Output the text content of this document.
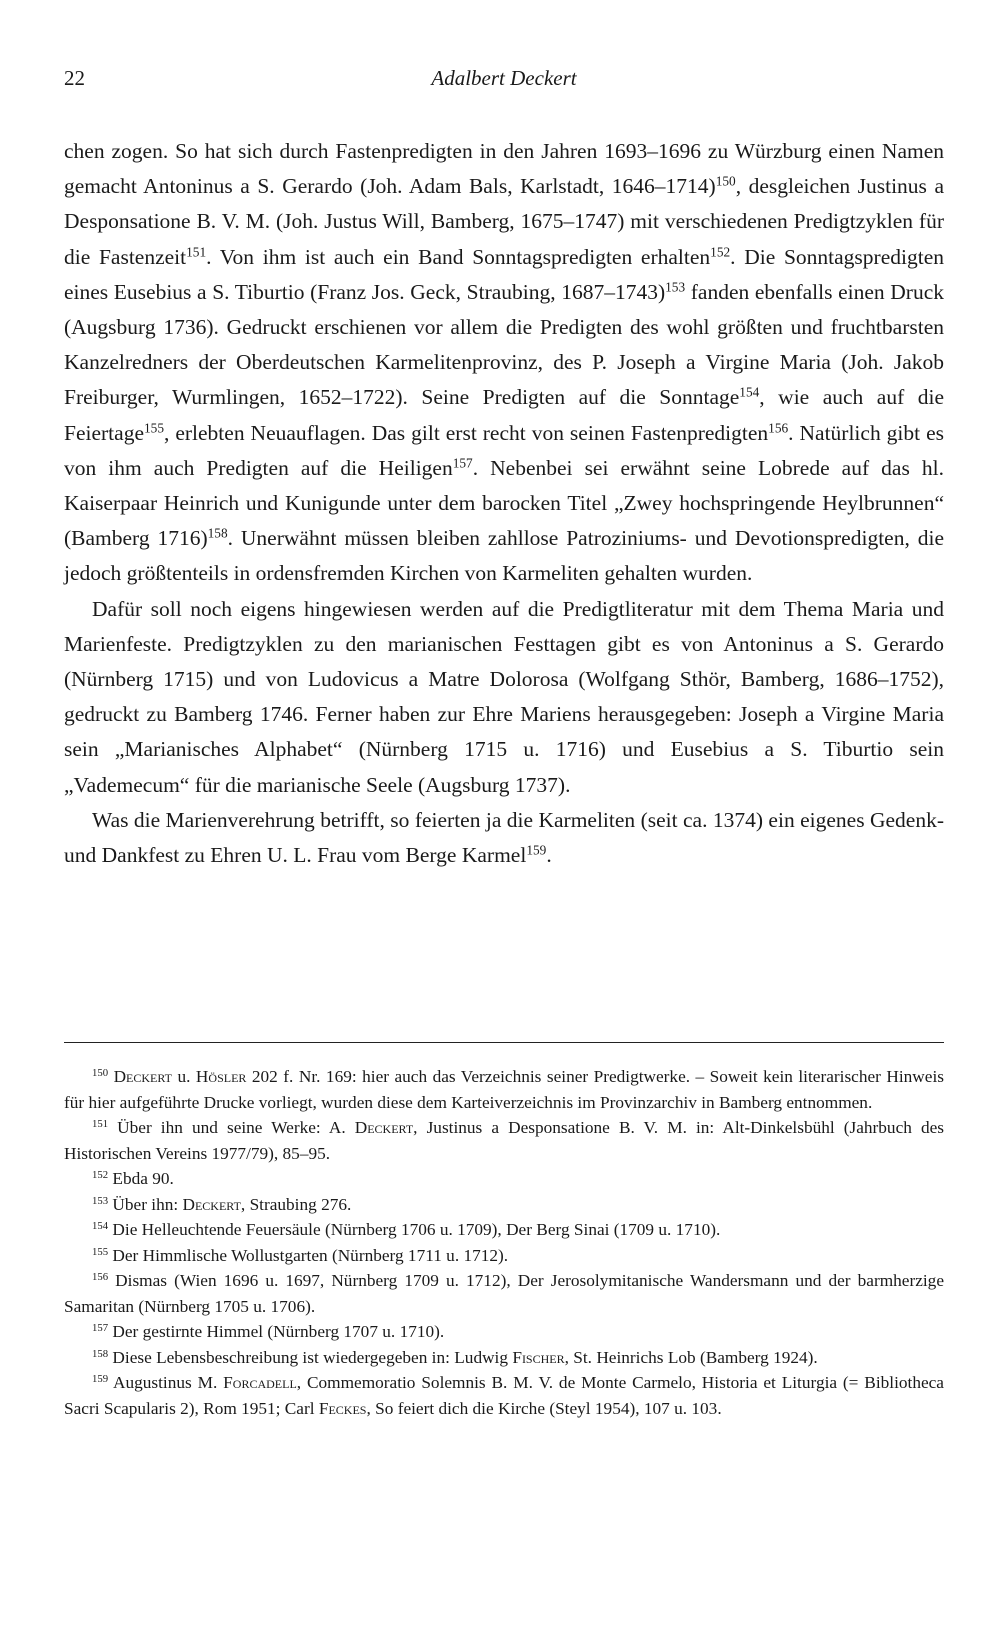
22	Adalbert Deckert

chen zogen. So hat sich durch Fastenpredigten in den Jahren 1693–1696 zu Würzburg einen Namen gemacht Antoninus a S. Gerardo (Joh. Adam Bals, Karlstadt, 1646–1714)$^{150}$, desgleichen Justinus a Desponsatione B. V. M. (Joh. Justus Will, Bamberg, 1675–1747) mit verschiedenen Predigtzyklen für die Fastenzeit$^{151}$. Von ihm ist auch ein Band Sonntagspredigten erhalten$^{152}$. Die Sonntagspredigten eines Eusebius a S. Tiburtio (Franz Jos. Geck, Straubing, 1687–1743)$^{153}$ fanden ebenfalls einen Druck (Augsburg 1736). Gedruckt erschienen vor allem die Predigten des wohl größten und fruchtbarsten Kanzelredners der Oberdeutschen Karmelitenprovinz, des P. Joseph a Virgine Maria (Joh. Jakob Freiburger, Wurmlingen, 1652–1722). Seine Predigten auf die Sonntage$^{154}$, wie auch auf die Feiertage$^{155}$, erlebten Neuauflagen. Das gilt erst recht von seinen Fastenpredigten$^{156}$. Natürlich gibt es von ihm auch Predigten auf die Heiligen$^{157}$. Nebenbei sei erwähnt seine Lobrede auf das hl. Kaiserpaar Heinrich und Kunigunde unter dem barocken Titel „Zwey hochspringende Heylbrunnen“ (Bamberg 1716)$^{158}$. Unerwähnt müssen bleiben zahllose Patroziniums- und Devotionspredigten, die jedoch größtenteils in ordensfremden Kirchen von Karmeliten gehalten wurden.

Dafür soll noch eigens hingewiesen werden auf die Predigtliteratur mit dem Thema Maria und Marienfeste. Predigtzyklen zu den marianischen Festtagen gibt es von Antoninus a S. Gerardo (Nürnberg 1715) und von Ludovicus a Matre Dolorosa (Wolfgang Sthör, Bamberg, 1686–1752), gedruckt zu Bamberg 1746. Ferner haben zur Ehre Mariens herausgegeben: Joseph a Virgine Maria sein „Marianisches Alphabet“ (Nürnberg 1715 u. 1716) und Eusebius a S. Tiburtio sein „Vademecum“ für die marianische Seele (Augsburg 1737).

Was die Marienverehrung betrifft, so feierten ja die Karmeliten (seit ca. 1374) ein eigenes Gedenk- und Dankfest zu Ehren U. L. Frau vom Berge Karmel$^{159}$.

$^{150}$ Deckert u. Hösler 202 f. Nr. 169: hier auch das Verzeichnis seiner Predigtwerke. – Soweit kein literarischer Hinweis für hier aufgeführte Drucke vorliegt, wurden diese dem Karteiverzeichnis im Provinzarchiv in Bamberg entnommen.

$^{151}$ Über ihn und seine Werke: A. Deckert, Justinus a Desponsatione B. V. M. in: Alt-Dinkelsbühl (Jahrbuch des Historischen Vereins 1977/79), 85–95.

$^{152}$ Ebda 90.

$^{153}$ Über ihn: Deckert, Straubing 276.

$^{154}$ Die Helleuchtende Feuersäule (Nürnberg 1706 u. 1709), Der Berg Sinai (1709 u. 1710).

$^{155}$ Der Himmlische Wollustgarten (Nürnberg 1711 u. 1712).

$^{156}$ Dismas (Wien 1696 u. 1697, Nürnberg 1709 u. 1712), Der Jerosolymitanische Wandersmann und der barmherzige Samaritan (Nürnberg 1705 u. 1706).

$^{157}$ Der gestirnte Himmel (Nürnberg 1707 u. 1710).

$^{158}$ Diese Lebensbeschreibung ist wiedergegeben in: Ludwig Fischer, St. Heinrichs Lob (Bamberg 1924).

$^{159}$ Augustinus M. Forcadell, Commemoratio Solemnis B. M. V. de Monte Carmelo, Historia et Liturgia (= Bibliotheca Sacri Scapularis 2), Rom 1951; Carl Feckes, So feiert dich die Kirche (Steyl 1954), 107 u. 103.
